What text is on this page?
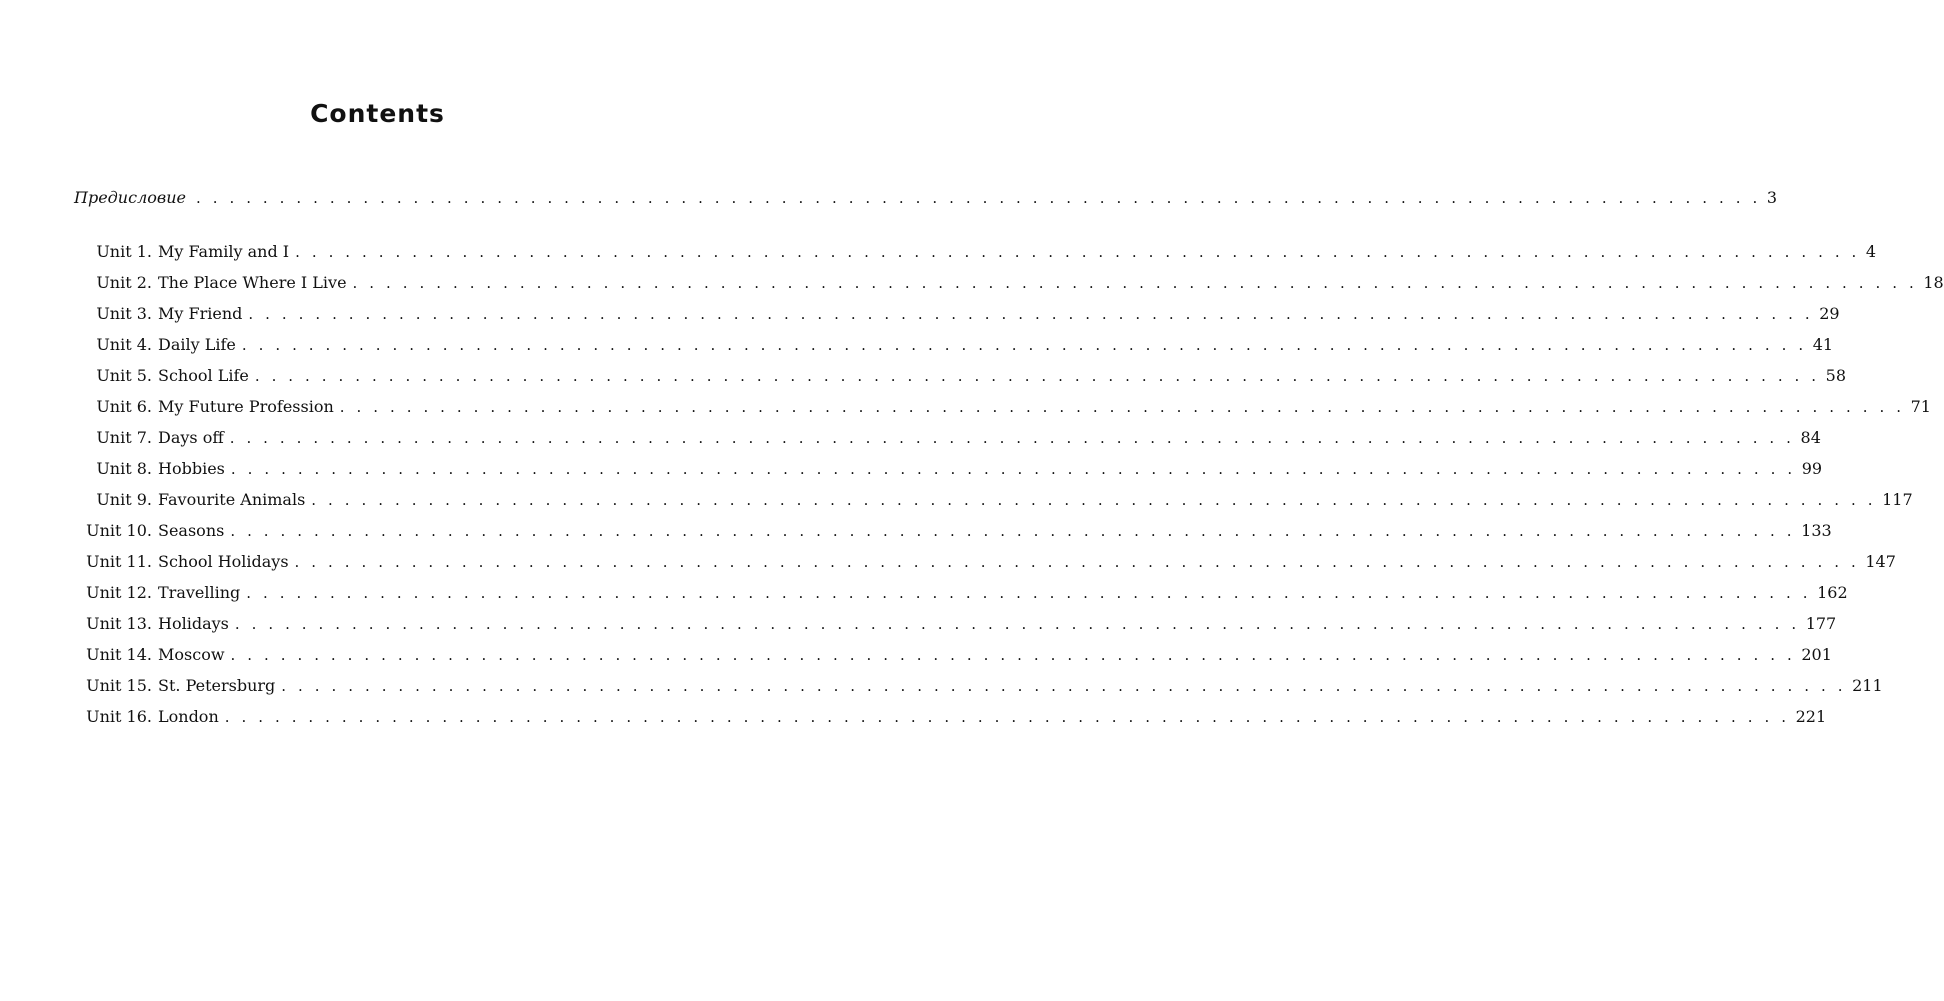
Contents
Предисловие . . . . . . . . . . . . . . . . . . . . . . . . . . . . . . . . . . . . . . . . . . . . . . . . . . . . . . . . . . . . . . . . . . . . . . . . . . . . . . . . . . . . . . . . . . . . . . 3
Unit 1. My Family and I . . . . . . . . . . . . . . . . . . . . . . . . . . . . . . . . . . . . . . . . . . . . . . . . . . . . . . . . . . . . . . . . . . . . . . . . . . . . . . . . . . . . . . . . . . . . . . 4
Unit 2. The Place Where I Live . . . . . . . . . . . . . . . . . . . . . . . . . . . . . . . . . . . . . . . . . . . . . . . . . . . . . . . . . . . . . . . . . . . . . . . . . . . . . . . . . . . . . . . . . . . . . . 18
Unit 3. My Friend . . . . . . . . . . . . . . . . . . . . . . . . . . . . . . . . . . . . . . . . . . . . . . . . . . . . . . . . . . . . . . . . . . . . . . . . . . . . . . . . . . . . . . . . . . . . . . 29
Unit 4. Daily Life . . . . . . . . . . . . . . . . . . . . . . . . . . . . . . . . . . . . . . . . . . . . . . . . . . . . . . . . . . . . . . . . . . . . . . . . . . . . . . . . . . . . . . . . . . . . . . 41
Unit 5. School Life . . . . . . . . . . . . . . . . . . . . . . . . . . . . . . . . . . . . . . . . . . . . . . . . . . . . . . . . . . . . . . . . . . . . . . . . . . . . . . . . . . . . . . . . . . . . . . 58
Unit 6. My Future Profession . . . . . . . . . . . . . . . . . . . . . . . . . . . . . . . . . . . . . . . . . . . . . . . . . . . . . . . . . . . . . . . . . . . . . . . . . . . . . . . . . . . . . . . . . . . . . . 71
Unit 7. Days off . . . . . . . . . . . . . . . . . . . . . . . . . . . . . . . . . . . . . . . . . . . . . . . . . . . . . . . . . . . . . . . . . . . . . . . . . . . . . . . . . . . . . . . . . . . . . . 84
Unit 8. Hobbies . . . . . . . . . . . . . . . . . . . . . . . . . . . . . . . . . . . . . . . . . . . . . . . . . . . . . . . . . . . . . . . . . . . . . . . . . . . . . . . . . . . . . . . . . . . . . . 99
Unit 9. Favourite Animals . . . . . . . . . . . . . . . . . . . . . . . . . . . . . . . . . . . . . . . . . . . . . . . . . . . . . . . . . . . . . . . . . . . . . . . . . . . . . . . . . . . . . . . . . . . . . . 117
Unit 10. Seasons . . . . . . . . . . . . . . . . . . . . . . . . . . . . . . . . . . . . . . . . . . . . . . . . . . . . . . . . . . . . . . . . . . . . . . . . . . . . . . . . . . . . . . . . . . . . . . 133
Unit 11. School Holidays . . . . . . . . . . . . . . . . . . . . . . . . . . . . . . . . . . . . . . . . . . . . . . . . . . . . . . . . . . . . . . . . . . . . . . . . . . . . . . . . . . . . . . . . . . . . . . 147
Unit 12. Travelling . . . . . . . . . . . . . . . . . . . . . . . . . . . . . . . . . . . . . . . . . . . . . . . . . . . . . . . . . . . . . . . . . . . . . . . . . . . . . . . . . . . . . . . . . . . . . . 162
Unit 13. Holidays . . . . . . . . . . . . . . . . . . . . . . . . . . . . . . . . . . . . . . . . . . . . . . . . . . . . . . . . . . . . . . . . . . . . . . . . . . . . . . . . . . . . . . . . . . . . . . 177
Unit 14. Moscow . . . . . . . . . . . . . . . . . . . . . . . . . . . . . . . . . . . . . . . . . . . . . . . . . . . . . . . . . . . . . . . . . . . . . . . . . . . . . . . . . . . . . . . . . . . . . . 201
Unit 15. St. Petersburg . . . . . . . . . . . . . . . . . . . . . . . . . . . . . . . . . . . . . . . . . . . . . . . . . . . . . . . . . . . . . . . . . . . . . . . . . . . . . . . . . . . . . . . . . . . . . . 211
Unit 16. London . . . . . . . . . . . . . . . . . . . . . . . . . . . . . . . . . . . . . . . . . . . . . . . . . . . . . . . . . . . . . . . . . . . . . . . . . . . . . . . . . . . . . . . . . . . . . . 221
